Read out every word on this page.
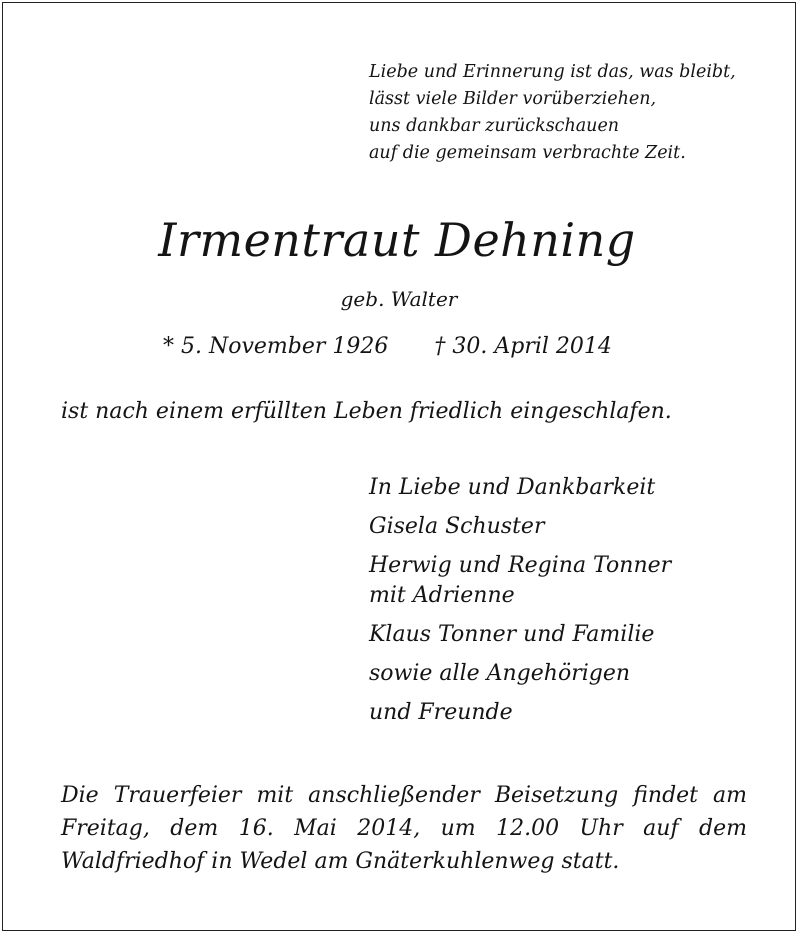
Liebe und Erinnerung ist das, was bleibt,
lässt viele Bilder vorüberziehen,
uns dankbar zurückschauen
auf die gemeinsam verbrachte Zeit.
Irmentraut Dehning
geb. Walter
* 5. November 1926 † 30. April 2014
ist nach einem erfüllten Leben friedlich eingeschlafen.
In Liebe und Dankbarkeit
Gisela Schuster
Herwig und Regina Tonner
mit Adrienne
Klaus Tonner und Familie
sowie alle Angehörigen
und Freunde
Die Trauerfeier mit anschließender Beisetzung findet am
Freitag, dem 16. Mai 2014, um 12.00 Uhr auf dem
Waldfriedhof in Wedel am Gnäterkuhlenweg statt.
